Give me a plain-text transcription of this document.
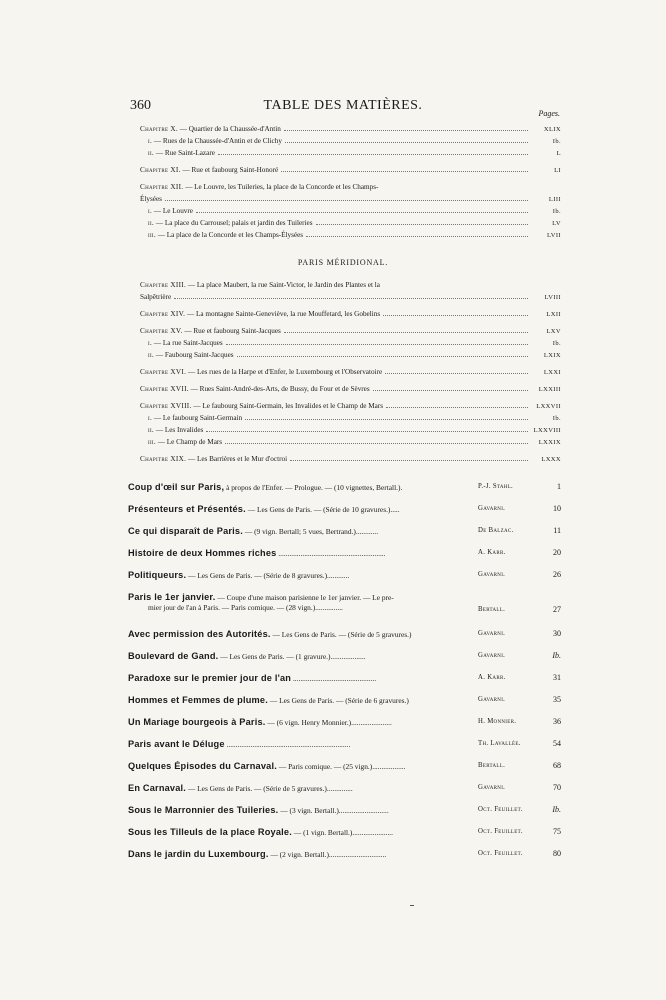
360	TABLE DES MATIÈRES.
Pages.
Chapitre X. — Quartier de la Chaussée-d'Antin	XLIX
i. — Rues de la Chaussée-d'Antin et de Clichy	Ib.
ii. — Rue Saint-Lazare	L
Chapitre XI. — Rue et faubourg Saint-Honoré	LI
Chapitre XII. — Le Louvre, les Tuileries, la place de la Concorde et les Champs-
Élysées	LIII
i. — Le Louvre	Ib.
ii. — La place du Carrousel; palais et jardin des Tuileries	LV
iii. — La place de la Concorde et les Champs-Élysées	LVII
PARIS MÉRIDIONAL.
Chapitre XIII. — La place Maubert, la rue Saint-Victor, le Jardin des Plantes et la
Salpêtrière	LVIII
Chapitre XIV. — La montagne Sainte-Geneviève, la rue Mouffetard, les Gobelins	LXII
Chapitre XV. — Rue et faubourg Saint-Jacques	LXV
i. — La rue Saint-Jacques	Ib.
ii. — Faubourg Saint-Jacques	LXIX
Chapitre XVI. — Les rues de la Harpe et d'Enfer, le Luxembourg et l'Observatoire	LXXI
Chapitre XVII. — Rues Saint-André-des-Arts, de Bussy, du Four et de Sèvres	LXXIII
Chapitre XVIII. — Le faubourg Saint-Germain, les Invalides et le Champ de Mars	LXXVII
i. — Le faubourg Saint-Germain	Ib.
ii. — Les Invalides	LXXVIII
iii. — Le Champ de Mars	LXXIX
Chapitre XIX. — Les Barrières et le Mur d'octroi	LXXX
Coup d'œil sur Paris, à propos de l'Enfer. — Prologue. — (10 vignettes, Bertall.).	P.-J. Stahl.	1
Présenteurs et Présentés. — Les Gens de Paris. — (Série de 10 gravures.).....	Gavarni.	10
Ce qui disparaît de Paris. — (9 vign. Bertall; 5 vues, Bertrand.)............	De Balzac.	11
Histoire de deux Hommes riches ..........................................................	A. Karr.	20
Politiqueurs. — Les Gens de Paris. — (Série de 8 gravures.)............	Gavarni.	26
Paris le 1er janvier. — Coupe d'une maison parisienne le 1er janvier. — Le pre-
mier jour de l'an à Paris. — Paris comique. — (28 vign.)...............	Bertall.	27
Avec permission des Autorités. — Les Gens de Paris. — (Série de 5 gravures.)	Gavarni.	30
Boulevard de Gand. — Les Gens de Paris. — (1 gravure.)...................	Gavarni.	Ib.
Paradoxe sur le premier jour de l'an .............................................	A. Karr.	31
Hommes et Femmes de plume. — Les Gens de Paris. — (Série de 6 gravures.)	Gavarni.	35
Un Mariage bourgeois à Paris. — (6 vign. Henry Monnier.)......................	H. Monnier.	36
Paris avant le Déluge ...................................................................	Th. Lavallée.	54
Quelques Épisodes du Carnaval. — Paris comique. — (25 vign.)..................	Bertall.	68
En Carnaval. — Les Gens de Paris. — (Série de 5 gravures.)..............	Gavarni.	70
Sous le Marronnier des Tuileries. — (3 vign. Bertall.)...........................	Oct. Feuillet.	Ib.
Sous les Tilleuls de la place Royale. — (1 vign. Bertall.)......................	Oct. Feuillet.	75
Dans le jardin du Luxembourg. — (2 vign. Bertall.)...............................	Oct. Feuillet.	80
